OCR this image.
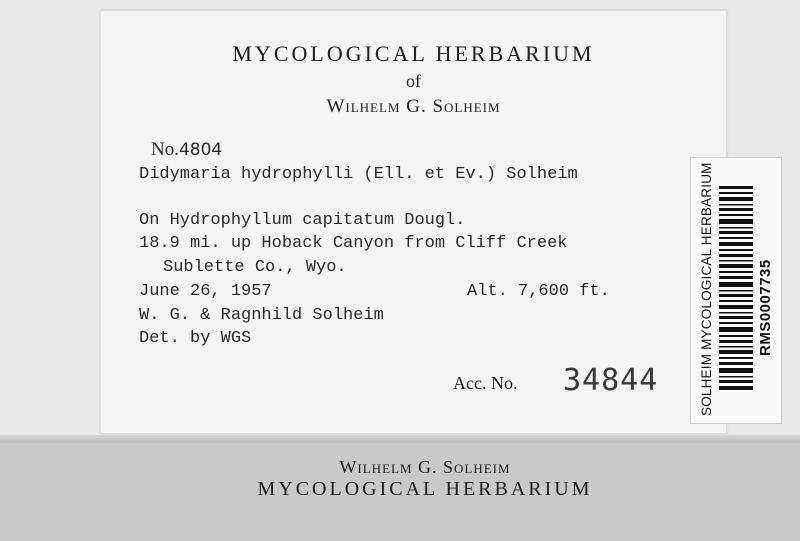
MYCOLOGICAL HERBARIUM
of
Wilhelm G. Solheim
No.4804
Didymaria hydrophylli (Ell. et Ev.) Solheim
On Hydrophyllum capitatum Dougl.
18.9 mi. up Hoback Canyon from Cliff Creek
Sublette Co., Wyo.
June 26, 1957	Alt. 7,600 ft.
W. G. & Ragnhild Solheim
Det. by WGS
Acc. No. 34844	SOLHEIM MYCOLOGICAL HERBARIUM	RMS0007735
Wilhelm G. Solheim
MYCOLOGICAL HERBARIUM
